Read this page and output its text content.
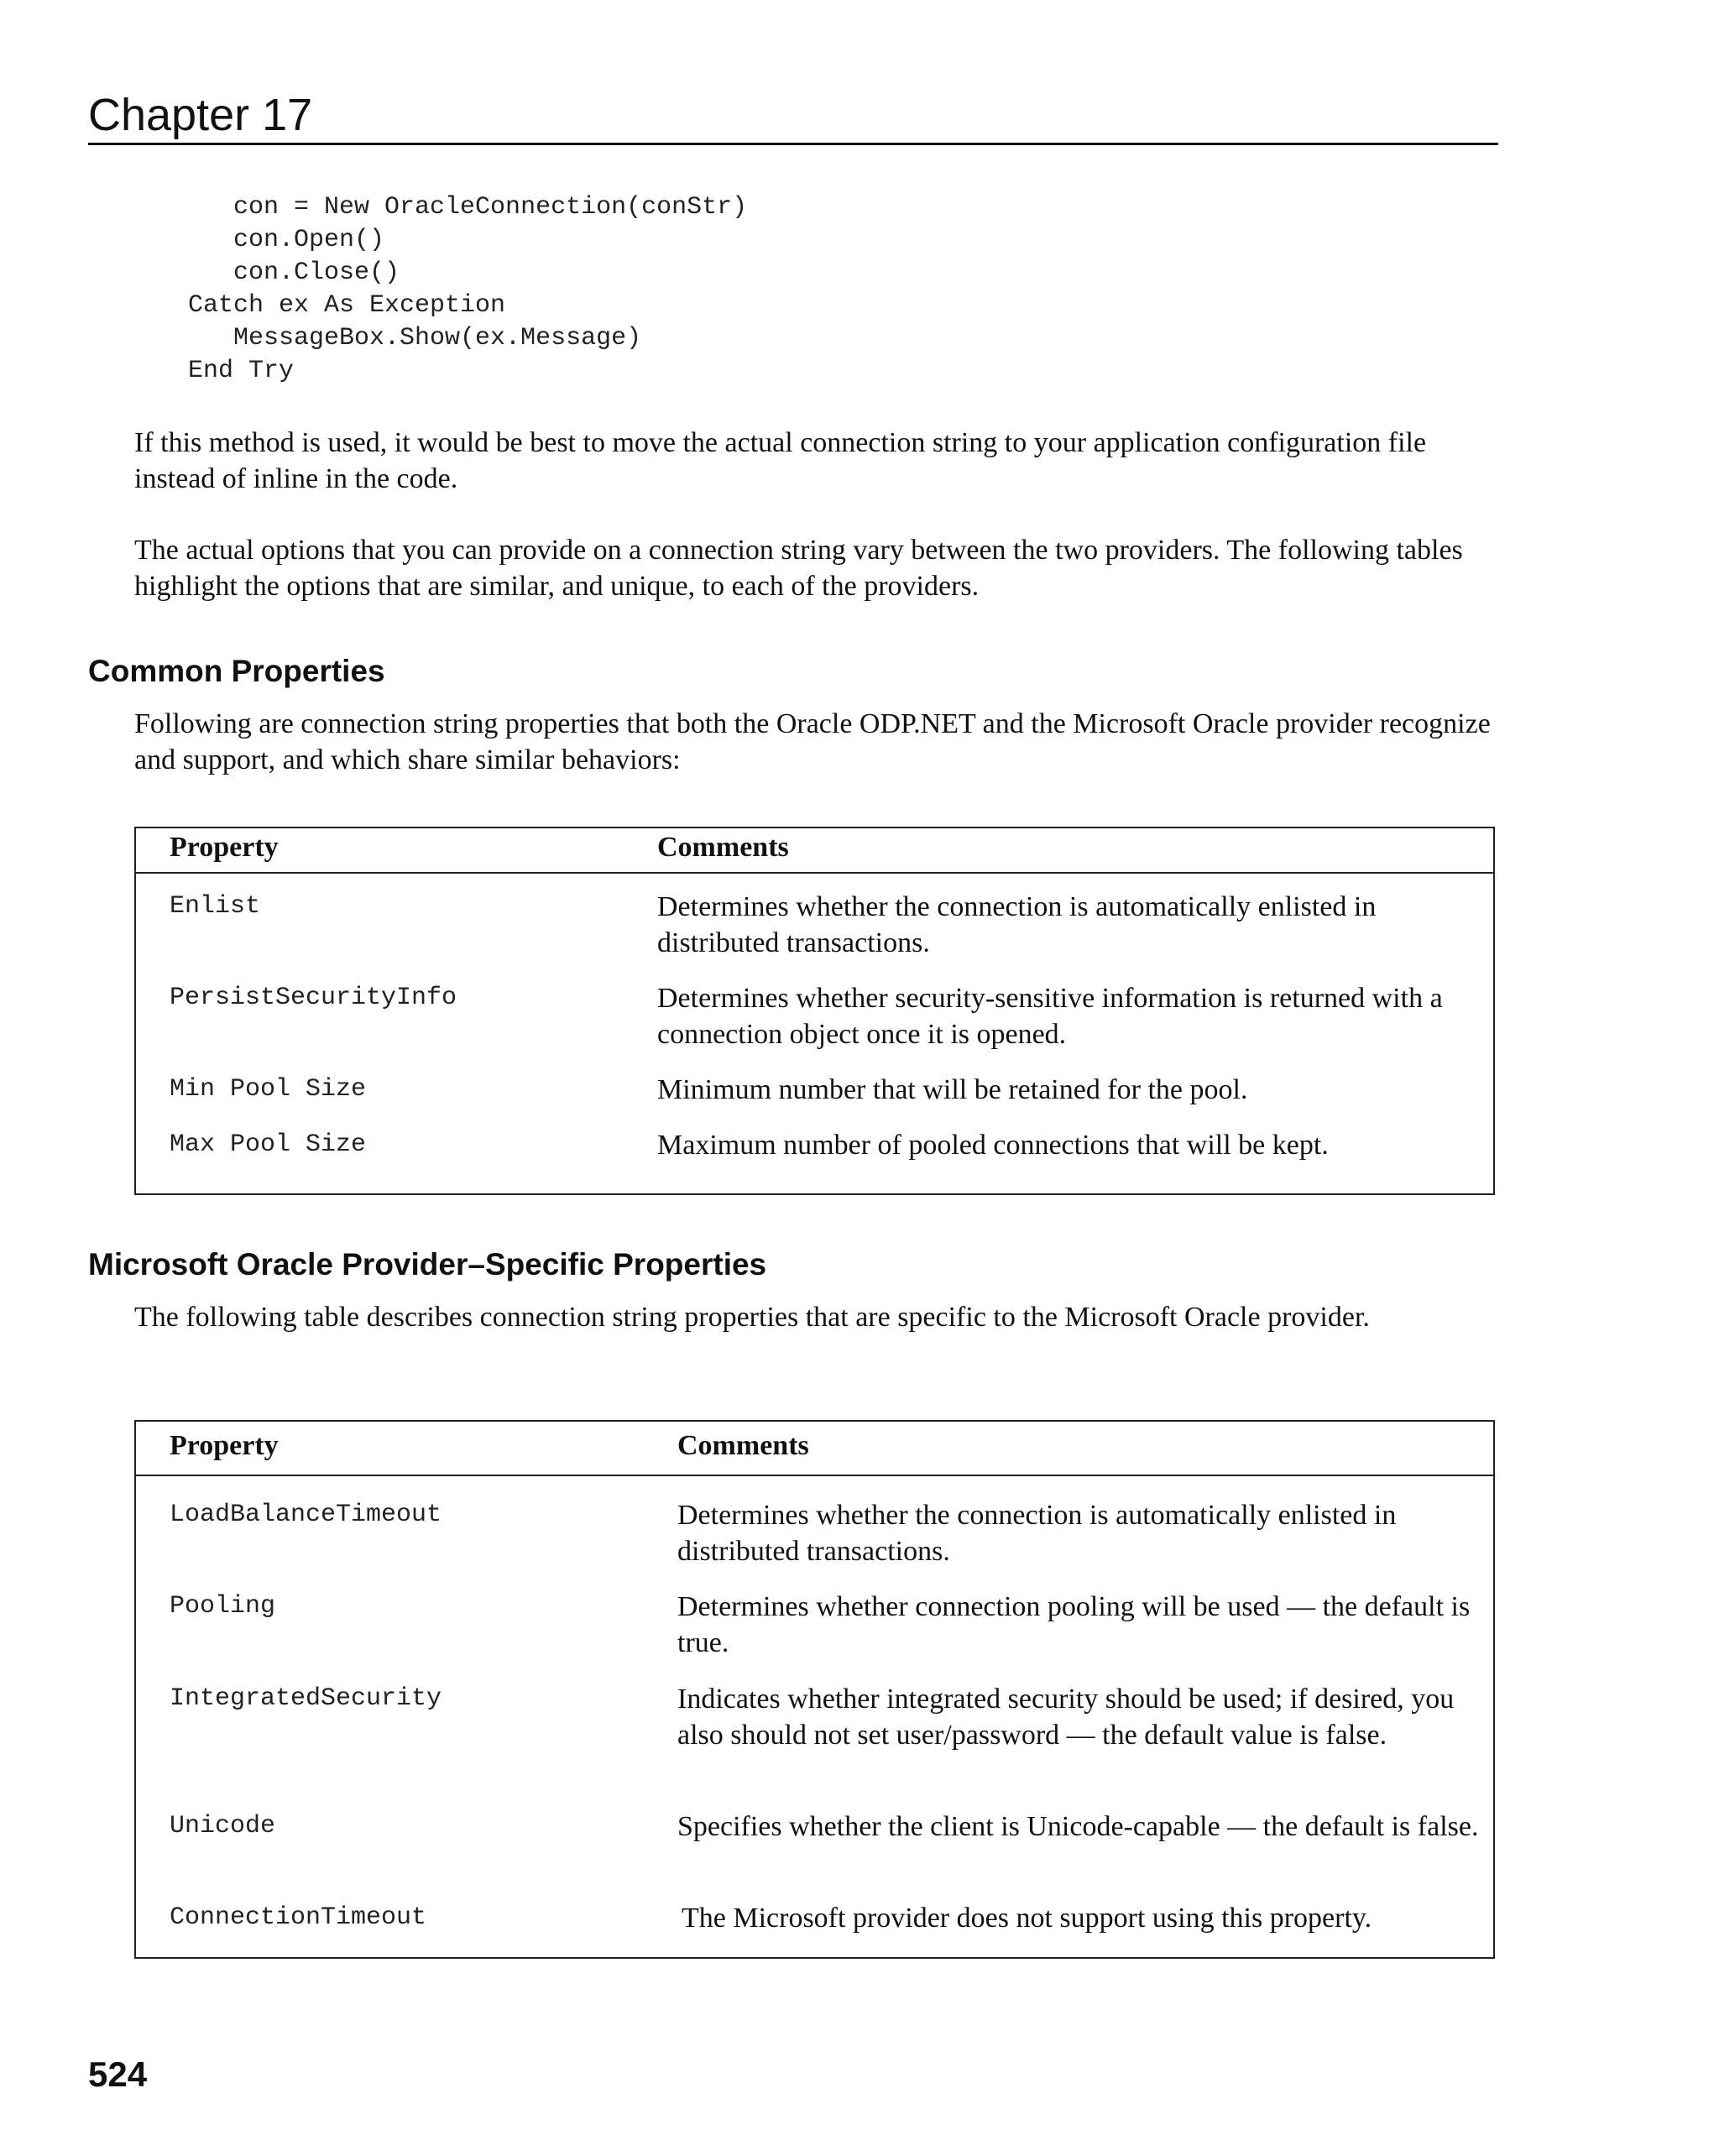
Chapter 17
con = New OracleConnection(conStr)
con.Open()
con.Close()
Catch ex As Exception
MessageBox.Show(ex.Message)
End Try

If this method is used, it would be best to move the actual connection string to your application configuration file instead of inline in the code.

The actual options that you can provide on a connection string vary between the two providers. The following tables highlight the options that are similar, and unique, to each of the providers.

Common Properties

Following are connection string properties that both the Oracle ODP.NET and the Microsoft Oracle provider recognize and support, and which share similar behaviors:

Property	Comments
Enlist	Determines whether the connection is automatically enlisted in distributed transactions.
PersistSecurityInfo	Determines whether security-sensitive information is returned with a connection object once it is opened.
Min Pool Size	Minimum number that will be retained for the pool.
Max Pool Size	Maximum number of pooled connections that will be kept.
Microsoft Oracle Provider–Specific Properties

The following table describes connection string properties that are specific to the Microsoft Oracle provider.

Property	Comments
LoadBalanceTimeout	Determines whether the connection is automatically enlisted in distributed transactions.
Pooling	Determines whether connection pooling will be used — the default is true.
IntegratedSecurity	Indicates whether integrated security should be used; if desired, you also should not set user/password — the default value is false.
Unicode	Specifies whether the client is Unicode-capable — the default is false.
ConnectionTimeout	The Microsoft provider does not support using this property.

524
